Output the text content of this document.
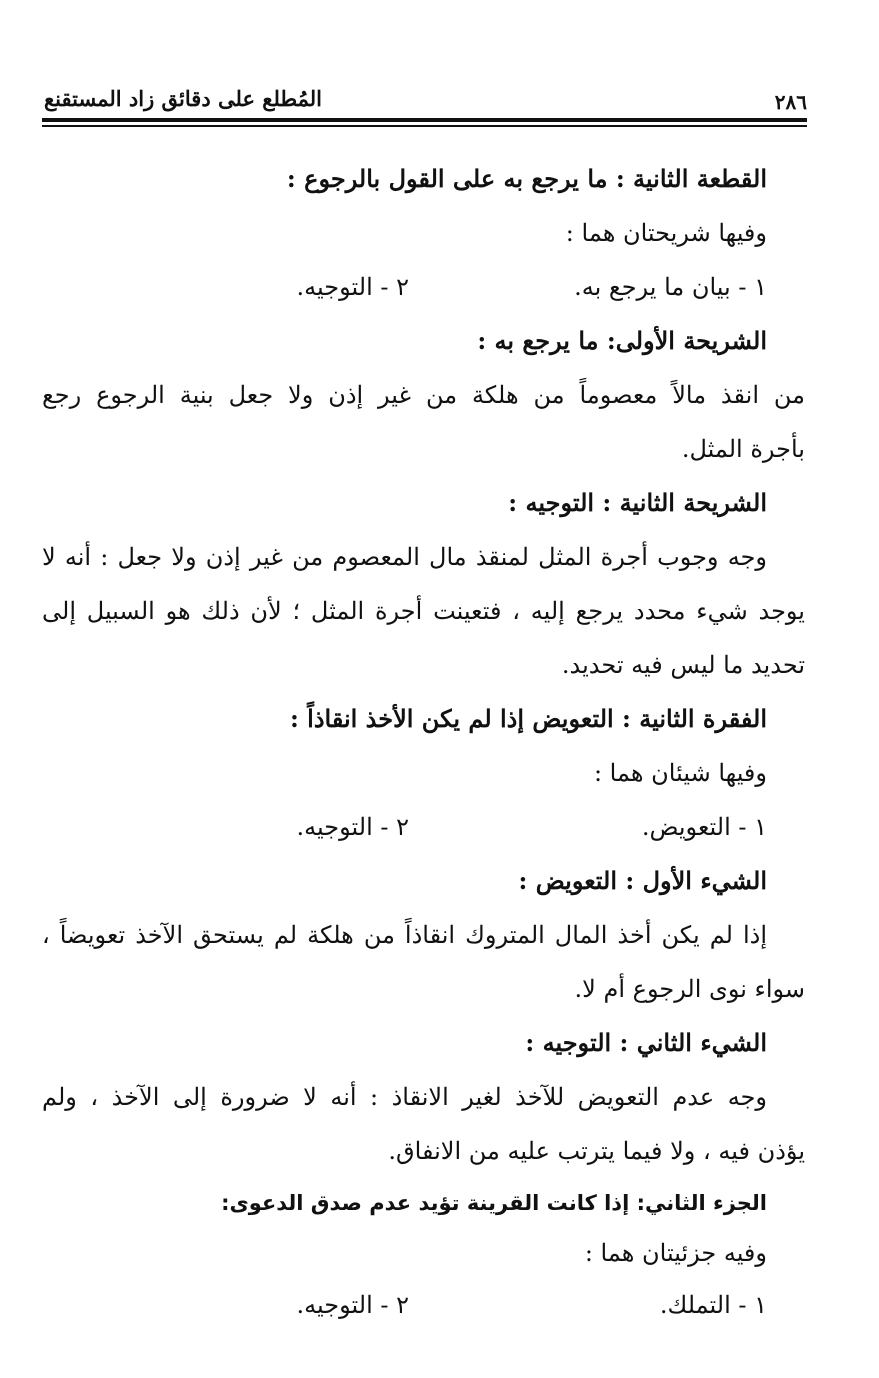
المُطلع على دقائق زاد المستقنع	٢٨٦
القطعة الثانية : ما يرجع به على القول بالرجوع :
وفيها شريحتان هما :
١ - بيان ما يرجع به.
٢ - التوجيه.
الشريحة الأولى: ما يرجع به :
من انقذ مالاً معصوماً من هلكة من غير إذن ولا جعل بنية الرجوع رجع
بأجرة المثل.
الشريحة الثانية : التوجيه :
وجه وجوب أجرة المثل لمنقذ مال المعصوم من غير إذن ولا جعل : أنه لا
يوجد شيء محدد يرجع إليه ، فتعينت أجرة المثل ؛ لأن ذلك هو السبيل إلى
تحديد ما ليس فيه تحديد.
الفقرة الثانية : التعويض إذا لم يكن الأخذ انقاذاً :
وفيها شيئان هما :
١ - التعويض.
٢ - التوجيه.
الشيء الأول : التعويض :
إذا لم يكن أخذ المال المتروك انقاذاً من هلكة لم يستحق الآخذ تعويضاً ،
سواء نوى الرجوع أم لا.
الشيء الثاني : التوجيه :
وجه عدم التعويض للآخذ لغير الانقاذ : أنه لا ضرورة إلى الآخذ ، ولم
يؤذن فيه ، ولا فيما يترتب عليه من الانفاق.
الجزء الثاني: إذا كانت القرينة تؤيد عدم صدق الدعوى:
وفيه جزئيتان هما :
١ - التملك.
٢ - التوجيه.
